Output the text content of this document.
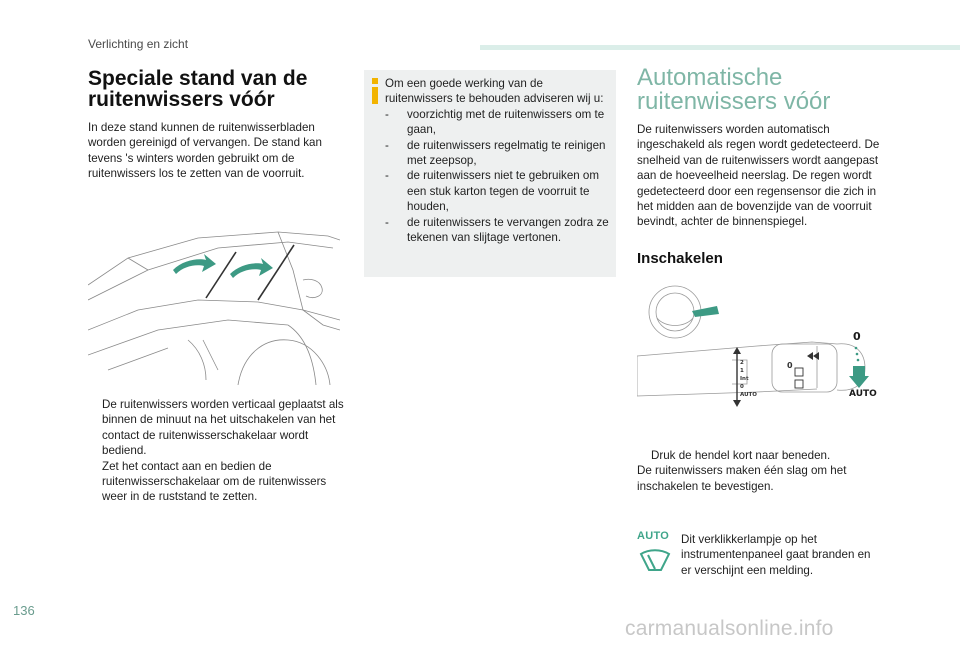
Verlichting en zicht
Speciale stand van de ruitenwissers vóór
In deze stand kunnen de ruitenwisserbladen worden gereinigd of vervangen. De stand kan tevens 's winters worden gebruikt om de ruitenwissers los te zetten van de voorruit.
De ruitenwissers worden verticaal geplaatst als binnen de minuut na het uitschakelen van het contact de ruitenwisserschakelaar wordt bediend.
Zet het contact aan en bedien de ruitenwisserschakelaar om de ruitenwissers weer in de ruststand te zetten.
Om een goede werking van de ruitenwissers te behouden adviseren wij u:
- voorzichtig met de ruitenwissers om te gaan,
- de ruitenwissers regelmatig te reinigen met zeepsop,
- de ruitenwissers niet te gebruiken om een stuk karton tegen de voorruit te houden,
- de ruitenwissers te vervangen zodra ze tekenen van slijtage vertonen.
Automatische ruitenwissers vóór
De ruitenwissers worden automatisch ingeschakeld als regen wordt gedetecteerd. De snelheid van de ruitenwissers wordt aangepast aan de hoeveelheid neerslag. De regen wordt gedetecteerd door een regensensor die zich in het midden aan de bovenzijde van de voorruit bevindt, achter de binnenspiegel.
Inschakelen
2
1
Int
0
AUTO
0
0
AUTO
Druk de hendel kort naar beneden.
De ruitenwissers maken één slag om het inschakelen te bevestigen.
AUTO Dit verklikkerlampje op het instrumentenpaneel gaat branden en er verschijnt een melding.
136
carmanualsonline.info
